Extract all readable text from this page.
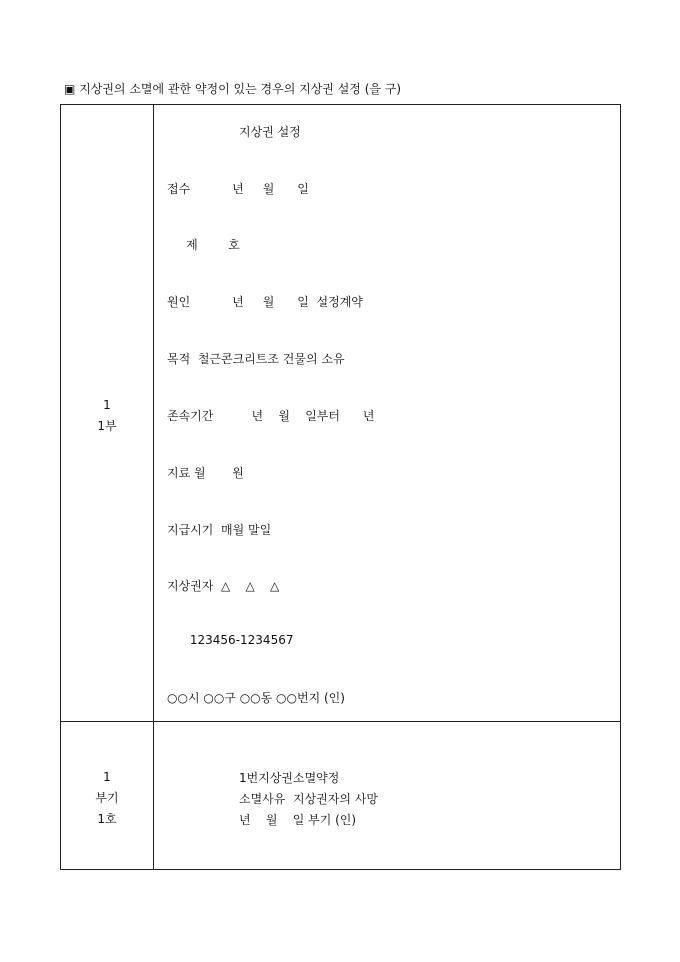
▣ 지상권의 소멸에 관한 약정이 있는 경우의 지상권 설정 (을 구)
1
1부
지상권 설정
접수           년     월      일
제        호
원인           년     월      일  설정계약
목적  철근콘크리트조 건물의 소유
존속기간          년    월    일부터      년
지료 월       원
지급시기  매월 말일
지상권자  △    △    △
123456-1234567
○○시 ○○구 ○○동 ○○번지 (인)
1
부기
1호
1번지상권소멸약정
소멸사유  지상권자의 사망
년    월    일 부기 (인)
